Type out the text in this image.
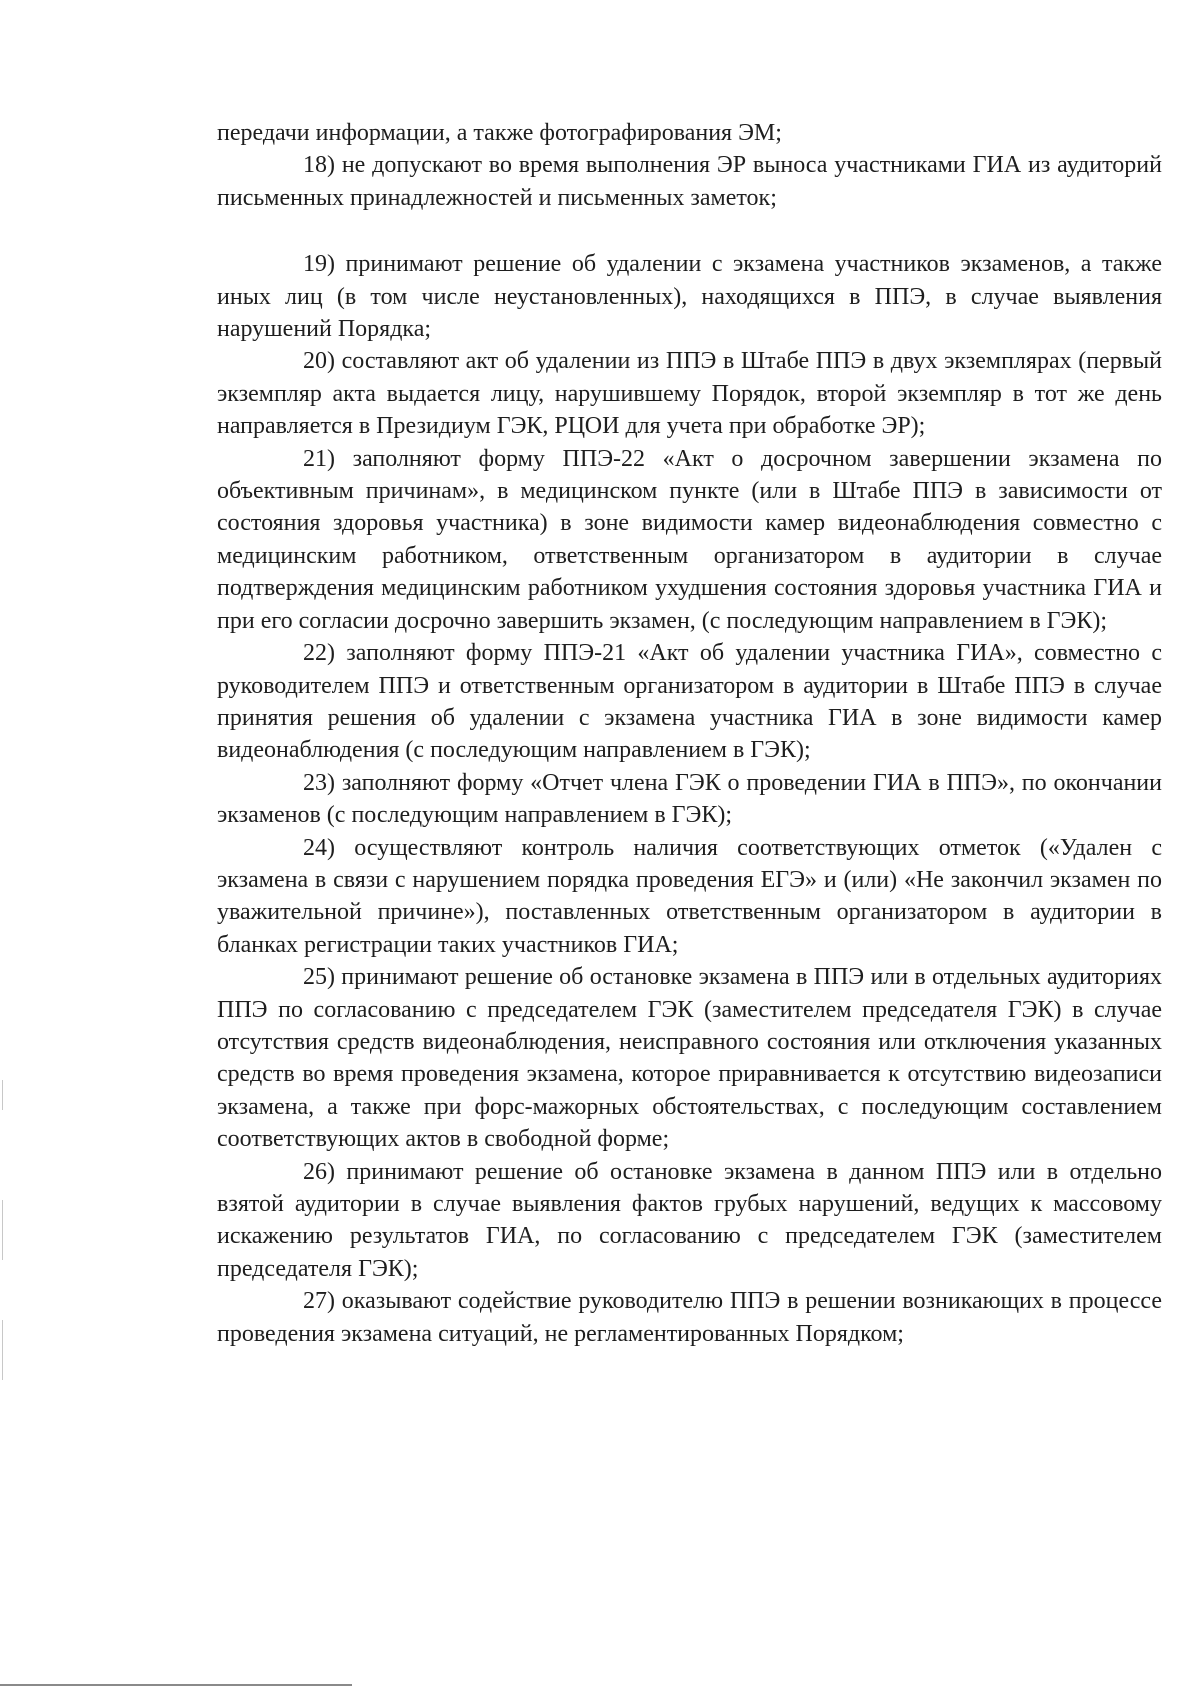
передачи информации, а также фотографирования ЭМ;

18) не допускают во время выполнения ЭР выноса участниками ГИА из аудиторий письменных принадлежностей и письменных заметок;

19) принимают решение об удалении с экзамена участников экзаменов, а также иных лиц (в том числе неустановленных), находящихся в ППЭ, в случае выявления нарушений Порядка;

20) составляют акт об удалении из ППЭ в Штабе ППЭ в двух экземплярах (первый экземпляр акта выдается лицу, нарушившему Порядок, второй экземпляр в тот же день направляется в Президиум ГЭК, РЦОИ для учета при обработке ЭР);

21) заполняют форму ППЭ-22 «Акт о досрочном завершении экзамена по объективным причинам», в медицинском пункте (или в Штабе ППЭ в зависимости от состояния здоровья участника) в зоне видимости камер видеонаблюдения совместно с медицинским работником, ответственным организатором в аудитории в случае подтверждения медицинским работником ухудшения состояния здоровья участника ГИА и при его согласии досрочно завершить экзамен, (с последующим направлением в ГЭК);

22) заполняют форму ППЭ-21 «Акт об удалении участника ГИА», совместно с руководителем ППЭ и ответственным организатором в аудитории в Штабе ППЭ в случае принятия решения об удалении с экзамена участника ГИА в зоне видимости камер видеонаблюдения (с последующим направлением в ГЭК);

23) заполняют форму «Отчет члена ГЭК о проведении ГИА в ППЭ», по окончании экзаменов (с последующим направлением в ГЭК);

24) осуществляют контроль наличия соответствующих отметок («Удален с экзамена в связи с нарушением порядка проведения ЕГЭ» и (или) «Не закончил экзамен по уважительной причине»), поставленных ответственным организатором в аудитории в бланках регистрации таких участников ГИА;

25) принимают решение об остановке экзамена в ППЭ или в отдельных аудиториях ППЭ по согласованию с председателем ГЭК (заместителем председателя ГЭК) в случае отсутствия средств видеонаблюдения, неисправного состояния или отключения указанных средств во время проведения экзамена, которое приравнивается к отсутствию видеозаписи экзамена, а также при форс-мажорных обстоятельствах, с последующим составлением соответствующих актов в свободной форме;

26) принимают решение об остановке экзамена в данном ППЭ или в отдельно взятой аудитории в случае выявления фактов грубых нарушений, ведущих к массовому искажению результатов ГИА, по согласованию с председателем ГЭК (заместителем председателя ГЭК);

27) оказывают содействие руководителю ППЭ в решении возникающих в процессе проведения экзамена ситуаций, не регламентированных Порядком;
